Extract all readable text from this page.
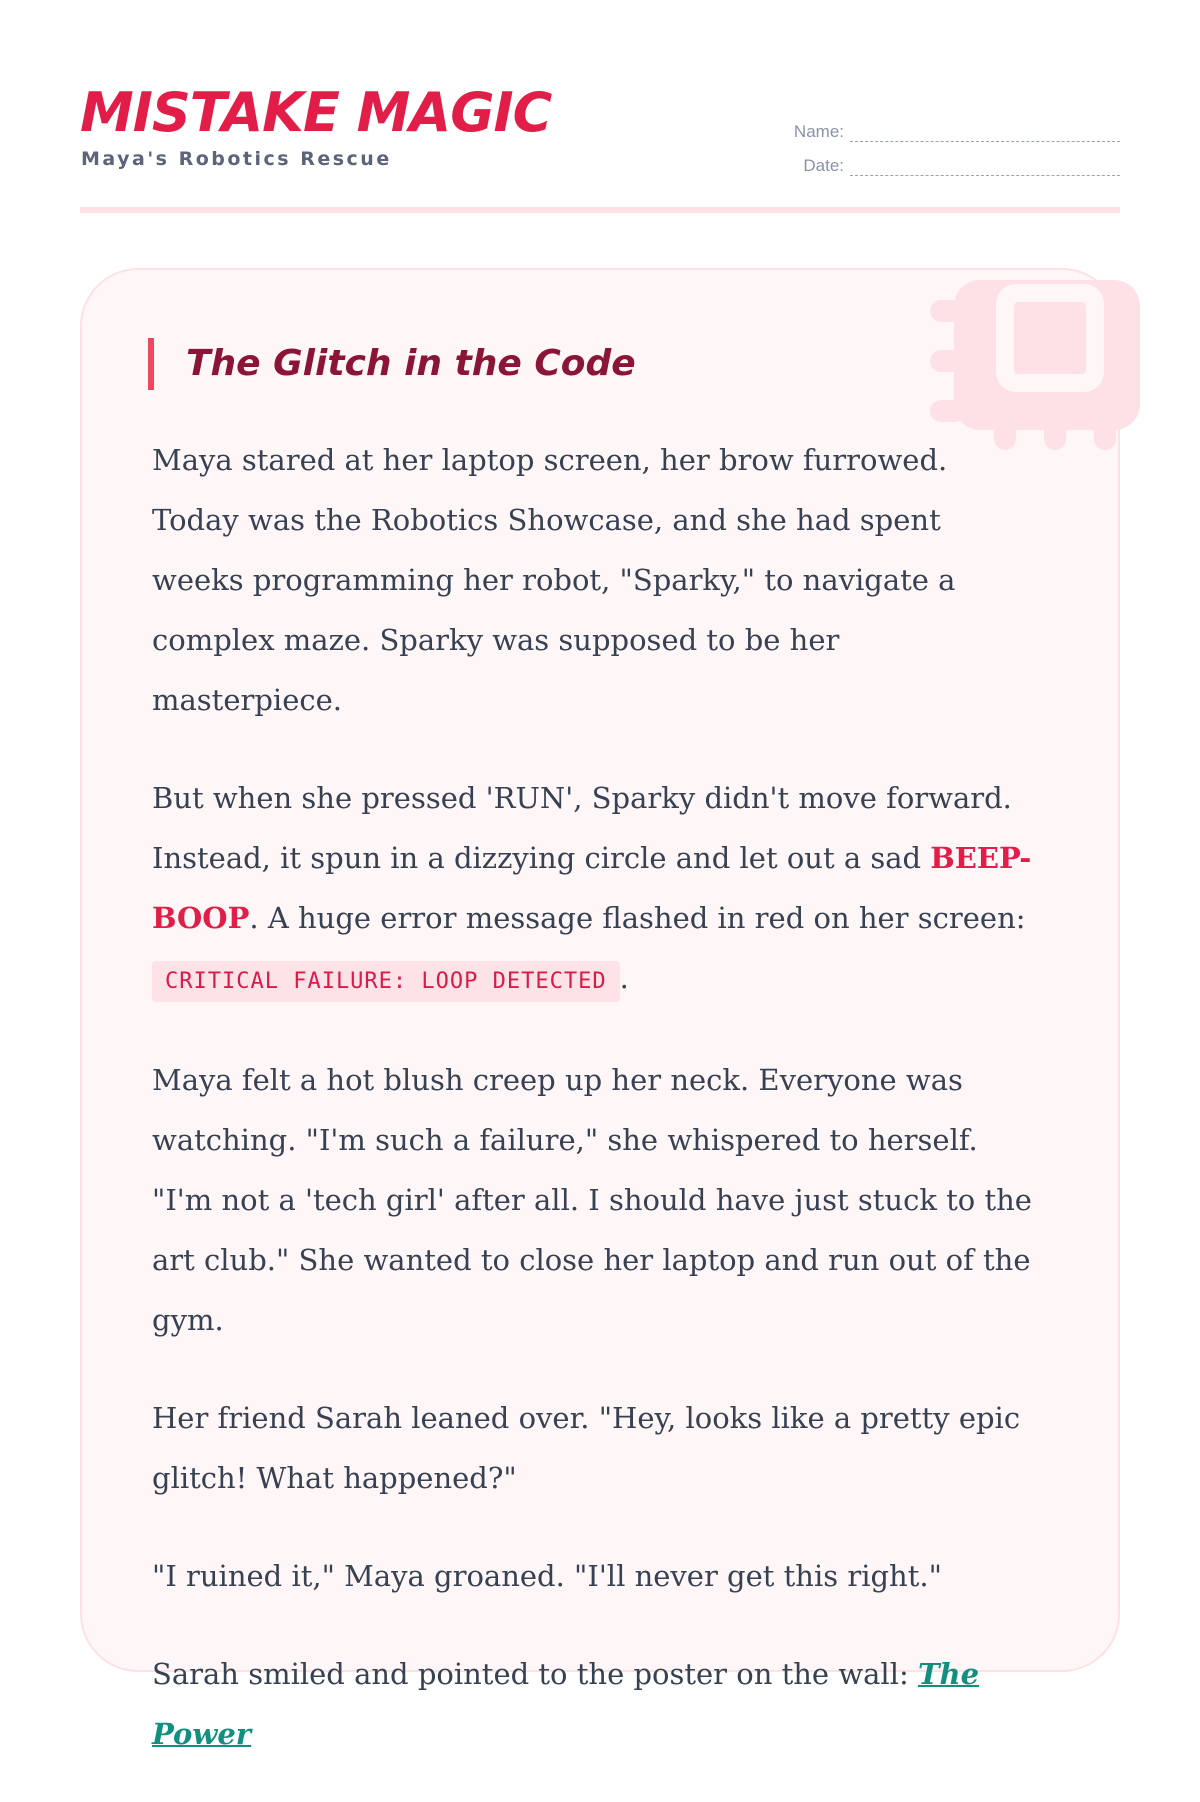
MISTAKE MAGIC
Maya's Robotics Rescue
Name:
Date:
The Glitch in the Code

Maya stared at her laptop screen, her brow furrowed. Today was the Robotics Showcase, and she had spent weeks programming her robot, "Sparky," to navigate a complex maze. Sparky was supposed to be her masterpiece.

But when she pressed 'RUN', Sparky didn't move forward. Instead, it spun in a dizzying circle and let out a sad BEEP-BOOP. A huge error message flashed in red on her screen: CRITICAL FAILURE: LOOP DETECTED .

Maya felt a hot blush creep up her neck. Everyone was watching. "I'm such a failure," she whispered to herself. "I'm not a 'tech girl' after all. I should have just stuck to the art club." She wanted to close her laptop and run out of the gym.

Her friend Sarah leaned over. "Hey, looks like a pretty epic glitch! What happened?"

"I ruined it," Maya groaned. "I'll never get this right."

Sarah smiled and pointed to the poster on the wall: The Power
